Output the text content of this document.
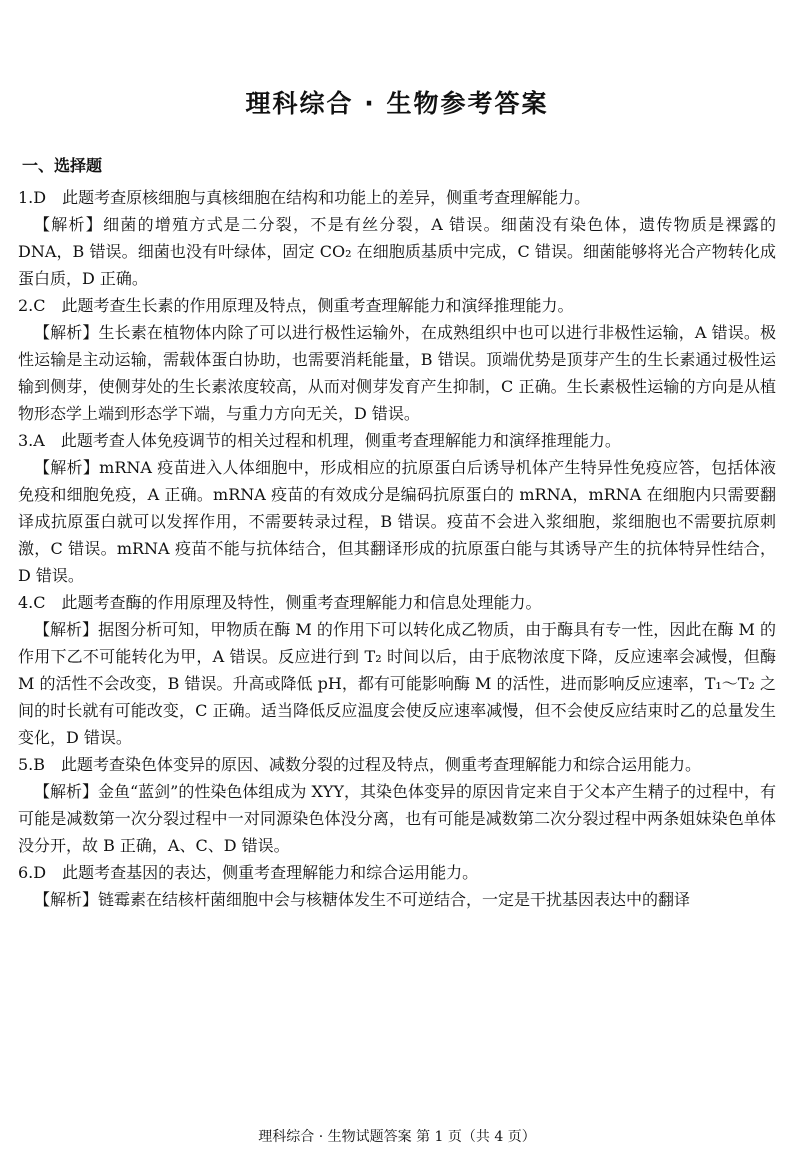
理科综合 · 生物参考答案
一、选择题
1.D　此题考查原核细胞与真核细胞在结构和功能上的差异，侧重考查理解能力。

【解析】细菌的增殖方式是二分裂，不是有丝分裂，A 错误。细菌没有染色体，遗传物质是裸露的 DNA，B 错误。细菌也没有叶绿体，固定 CO₂ 在细胞质基质中完成，C 错误。细菌能够将光合产物转化成蛋白质，D 正确。

2.C　此题考查生长素的作用原理及特点，侧重考查理解能力和演绎推理能力。

【解析】生长素在植物体内除了可以进行极性运输外，在成熟组织中也可以进行非极性运输，A 错误。极性运输是主动运输，需载体蛋白协助，也需要消耗能量，B 错误。顶端优势是顶芽产生的生长素通过极性运输到侧芽，使侧芽处的生长素浓度较高，从而对侧芽发育产生抑制，C 正确。生长素极性运输的方向是从植物形态学上端到形态学下端，与重力方向无关，D 错误。

3.A　此题考查人体免疫调节的相关过程和机理，侧重考查理解能力和演绎推理能力。

【解析】mRNA 疫苗进入人体细胞中，形成相应的抗原蛋白后诱导机体产生特异性免疫应答，包括体液免疫和细胞免疫，A 正确。mRNA 疫苗的有效成分是编码抗原蛋白的 mRNA，mRNA 在细胞内只需要翻译成抗原蛋白就可以发挥作用，不需要转录过程，B 错误。疫苗不会进入浆细胞，浆细胞也不需要抗原刺激，C 错误。mRNA 疫苗不能与抗体结合，但其翻译形成的抗原蛋白能与其诱导产生的抗体特异性结合，D 错误。

4.C　此题考查酶的作用原理及特性，侧重考查理解能力和信息处理能力。

【解析】据图分析可知，甲物质在酶 M 的作用下可以转化成乙物质，由于酶具有专一性，因此在酶 M 的作用下乙不可能转化为甲，A 错误。反应进行到 T₂ 时间以后，由于底物浓度下降，反应速率会减慢，但酶 M 的活性不会改变，B 错误。升高或降低 pH，都有可能影响酶 M 的活性，进而影响反应速率，T₁～T₂ 之间的时长就有可能改变，C 正确。适当降低反应温度会使反应速率减慢，但不会使反应结束时乙的总量发生变化，D 错误。

5.B　此题考查染色体变异的原因、减数分裂的过程及特点，侧重考查理解能力和综合运用能力。

【解析】金鱼“蓝剑”的性染色体组成为 XYY，其染色体变异的原因肯定来自于父本产生精子的过程中，有可能是减数第一次分裂过程中一对同源染色体没分离，也有可能是减数第二次分裂过程中两条姐妹染色单体没分开，故 B 正确，A、C、D 错误。

6.D　此题考查基因的表达，侧重考查理解能力和综合运用能力。

【解析】链霉素在结核杆菌细胞中会与核糖体发生不可逆结合，一定是干扰基因表达中的翻译

理科综合 · 生物试题答案 第 1 页（共 4 页）
